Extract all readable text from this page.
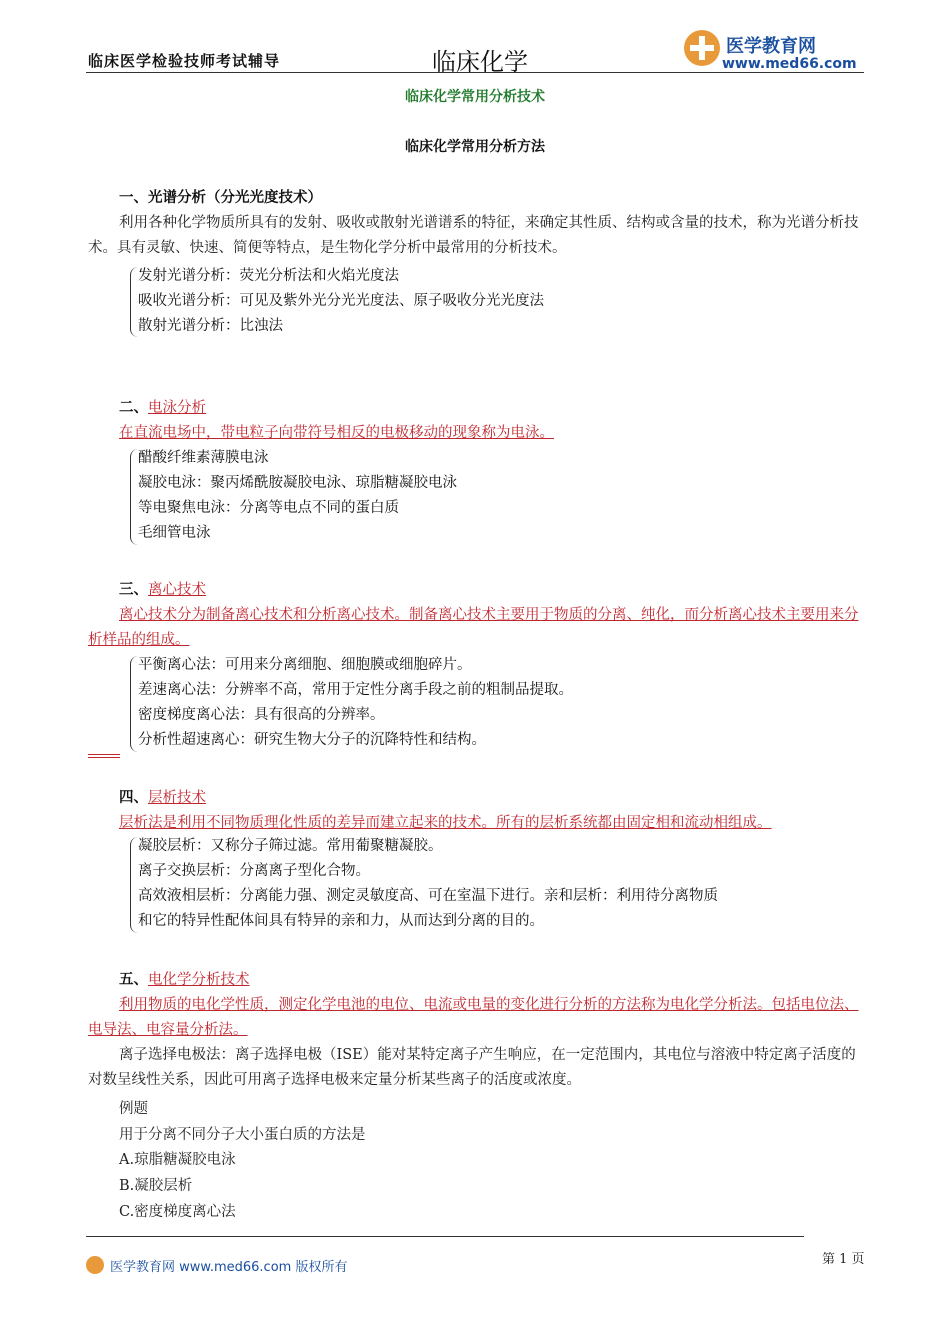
临床医学检验技师考试辅导	临床化学
医学教育网
www.med66.com
临床化学常用分析技术
临床化学常用分析方法
一、光谱分析（分光光度技术）
利用各种化学物质所具有的发射、吸收或散射光谱谱系的特征，来确定其性质、结构或含量的技术，称为光谱分析技术。具有灵敏、快速、简便等特点，是生物化学分析中最常用的分析技术。
发射光谱分析：荧光分析法和火焰光度法
吸收光谱分析：可见及紫外光分光光度法、原子吸收分光光度法
散射光谱分析：比浊法
二、电泳分析
在直流电场中，带电粒子向带符号相反的电极移动的现象称为电泳。
醋酸纤维素薄膜电泳
凝胶电泳：聚丙烯酰胺凝胶电泳、琼脂糖凝胶电泳
等电聚焦电泳：分离等电点不同的蛋白质
毛细管电泳
三、离心技术
离心技术分为制备离心技术和分析离心技术。制备离心技术主要用于物质的分离、纯化，而分析离心技术主要用来分析样品的组成。
平衡离心法：可用来分离细胞、细胞膜或细胞碎片。
差速离心法：分辨率不高，常用于定性分离手段之前的粗制品提取。
密度梯度离心法：具有很高的分辨率。
分析性超速离心：研究生物大分子的沉降特性和结构。
四、层析技术
层析法是利用不同物质理化性质的差异而建立起来的技术。所有的层析系统都由固定相和流动相组成。
凝胶层析：又称分子筛过滤。常用葡聚糖凝胶。
离子交换层析：分离离子型化合物。
高效液相层析：分离能力强、测定灵敏度高、可在室温下进行。亲和层析：利用待分离物质
和它的特异性配体间具有特异的亲和力，从而达到分离的目的。
五、电化学分析技术
利用物质的电化学性质，测定化学电池的电位、电流或电量的变化进行分析的方法称为电化学分析法。包括电位法、电导法、电容量分析法。
离子选择电极法：离子选择电极（ISE）能对某特定离子产生响应，在一定范围内，其电位与溶液中特定离子活度的对数呈线性关系，因此可用离子选择电极来定量分析某些离子的活度或浓度。
例题
用于分离不同分子大小蛋白质的方法是
A.琼脂糖凝胶电泳
B.凝胶层析
C.密度梯度离心法
医学教育网 www.med66.com 版权所有
第 1 页
